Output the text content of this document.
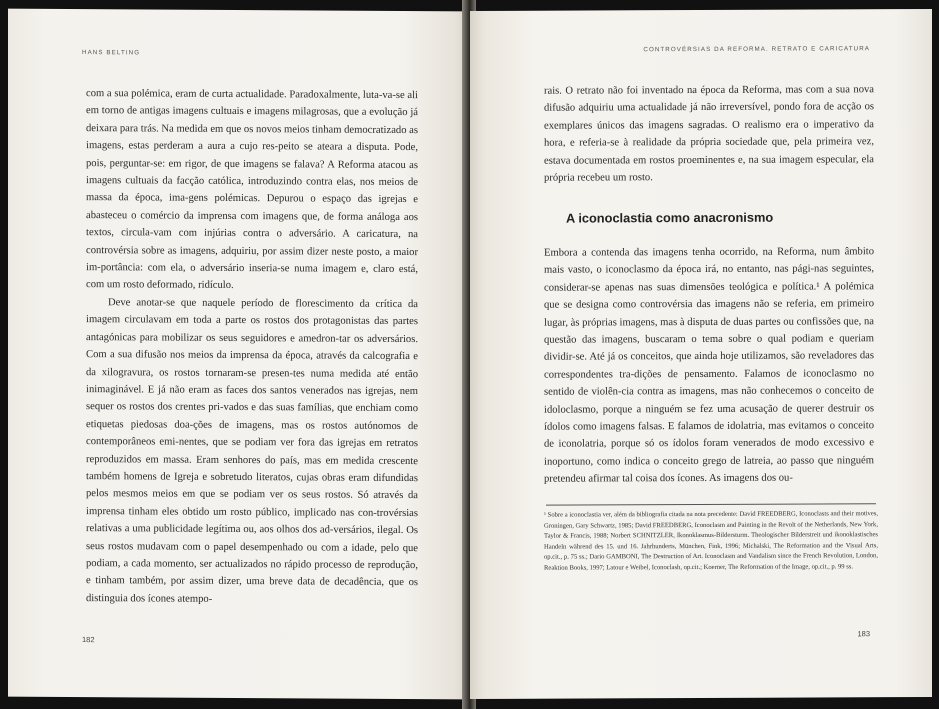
HANS BELTING

com a sua polémica, eram de curta actualidade. Paradoxalmente, luta-va-se ali em torno de antigas imagens cultuais e imagens milagrosas, que a evolução já deixara para trás. Na medida em que os novos meios tinham democratizado as imagens, estas perderam a aura a cujo res-peito se ateara a disputa. Pode, pois, perguntar-se: em rigor, de que imagens se falava? A Reforma atacou as imagens cultuais da facção católica, introduzindo contra elas, nos meios de massa da época, ima-gens polémicas. Depurou o espaço das igrejas e abasteceu o comércio da imprensa com imagens que, de forma análoga aos textos, circula-vam com injúrias contra o adversário. A caricatura, na controvérsia sobre as imagens, adquiriu, por assim dizer neste posto, a maior im-portância: com ela, o adversário inseria-se numa imagem e, claro está, com um rosto deformado, ridículo.

Deve anotar-se que naquele período de florescimento da crítica da imagem circulavam em toda a parte os rostos dos protagonistas das partes antagónicas para mobilizar os seus seguidores e amedron-tar os adversários. Com a sua difusão nos meios da imprensa da época, através da calcografia e da xilogravura, os rostos tornaram-se presen-tes numa medida até então inimaginável. E já não eram as faces dos santos venerados nas igrejas, nem sequer os rostos dos crentes pri-vados e das suas famílias, que enchiam como etiquetas piedosas doa-ções de imagens, mas os rostos autónomos de contemporâneos emi-nentes, que se podiam ver fora das igrejas em retratos reproduzidos em massa. Eram senhores do país, mas em medida crescente também homens de Igreja e sobretudo literatos, cujas obras eram difundidas pelos mesmos meios em que se podiam ver os seus rostos. Só através da imprensa tinham eles obtido um rosto público, implicado nas con-trovérsias relativas a uma publicidade legítima ou, aos olhos dos ad-versários, ilegal. Os seus rostos mudavam com o papel desempenhado ou com a idade, pelo que podiam, a cada momento, ser actualizados no rápido processo de reprodução, e tinham também, por assim dizer, uma breve data de decadência, que os distinguia dos ícones atempo-

182
CONTROVÉRSIAS DA REFORMA. RETRATO E CARICATURA

rais. O retrato não foi inventado na época da Reforma, mas com a sua nova difusão adquiriu uma actualidade já não irreversível, pondo fora de acção os exemplares únicos das imagens sagradas. O realismo era o imperativo da hora, e referia-se à realidade da própria sociedade que, pela primeira vez, estava documentada em rostos proeminentes e, na sua imagem especular, ela própria recebeu um rosto.

A iconoclastia como anacronismo

Embora a contenda das imagens tenha ocorrido, na Reforma, num âmbito mais vasto, o iconoclasmo da época irá, no entanto, nas pági-nas seguintes, considerar-se apenas nas suas dimensões teológica e política.¹ A polémica que se designa como controvérsia das imagens não se referia, em primeiro lugar, às próprias imagens, mas à disputa de duas partes ou confissões que, na questão das imagens, buscaram o tema sobre o qual podiam e queriam dividir-se. Até já os conceitos, que ainda hoje utilizamos, são reveladores das correspondentes tra-dições de pensamento. Falamos de iconoclasmo no sentido de violên-cia contra as imagens, mas não conhecemos o conceito de idoloclasmo, porque a ninguém se fez uma acusação de querer destruir os ídolos como imagens falsas. E falamos de idolatria, mas evitamos o conceito de iconolatria, porque só os ídolos foram venerados de modo excessivo e inoportuno, como indica o conceito grego de latreia, ao passo que ninguém pretendeu afirmar tal coisa dos ícones. As imagens dos ou-

¹ Sobre a iconoclastia ver, além da bibliografia citada na nota precedente: David FREEDBERG, Iconoclasts and their motives, Groningen, Gary Schwartz, 1985; David FREEDBERG, Iconoclasm and Painting in the Revolt of the Netherlands, New York, Taylor & Francis, 1988; Norbert SCHNITZLER, Ikonoklasmus-Bildersturm. Theologischer Bilderstreit und ikonoklastisches Handeln während des 15. und 16. Jahrhunderts, München, Fink, 1996; Michalski, The Reformation and the Visual Arts, op.cit., p. 75 ss.; Dario GAMBONI, The Destruction of Art. Iconoclasm and Vandalism since the French Revolution, London, Reaktion Books, 1997; Latour e Weibel, Iconoclash, op.cit.; Koerner, The Reformation of the Image, op.cit., p. 99 ss.

183
